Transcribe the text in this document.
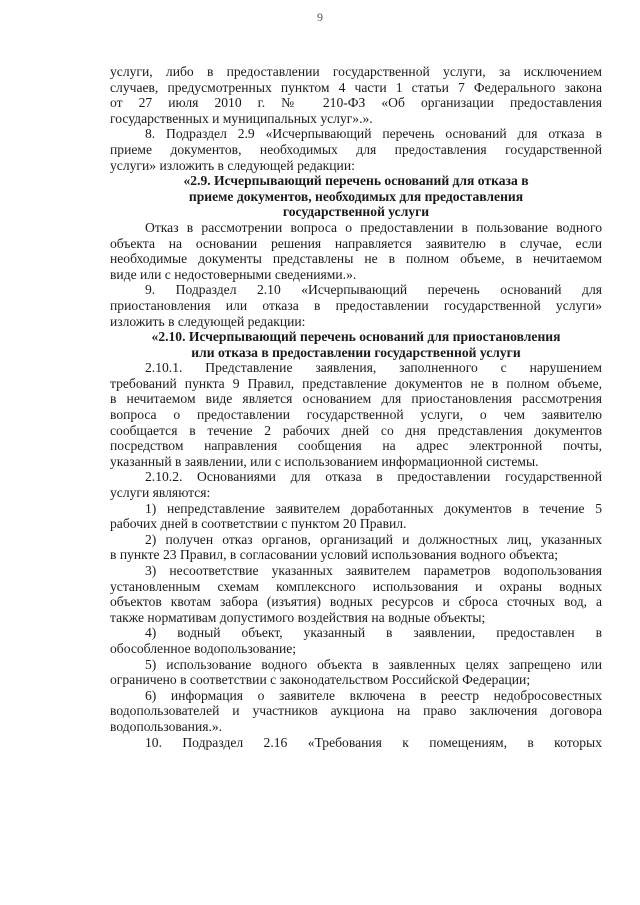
9

услуги, либо в предоставлении государственной услуги, за исключением

случаев, предусмотренных пунктом 4 части 1 статьи 7 Федерального закона

от 27 июля 2010 г. № 210-ФЗ «Об организации предоставления

государственных и муниципальных услуг».».

8. Подраздел 2.9 «Исчерпывающий перечень оснований для отказа в

приеме документов, необходимых для предоставления государственной

услуги» изложить в следующей редакции:

«2.9. Исчерпывающий перечень оснований для отказа в

приеме документов, необходимых для предоставления

государственной услуги

Отказ в рассмотрении вопроса о предоставлении в пользование водного

объекта на основании решения направляется заявителю в случае, если

необходимые документы представлены не в полном объеме, в нечитаемом

виде или с недостоверными сведениями.».

9. Подраздел 2.10 «Исчерпывающий перечень оснований для

приостановления или отказа в предоставлении государственной услуги»

изложить в следующей редакции:

«2.10. Исчерпывающий перечень оснований для приостановления

или отказа в предоставлении государственной услуги

2.10.1. Представление заявления, заполненного с нарушением

требований пункта 9 Правил, представление документов не в полном объеме,

в нечитаемом виде является основанием для приостановления рассмотрения

вопроса о предоставлении государственной услуги, о чем заявителю

сообщается в течение 2 рабочих дней со дня представления документов

посредством направления сообщения на адрес электронной почты,

указанный в заявлении, или с использованием информационной системы.

2.10.2. Основаниями для отказа в предоставлении государственной

услуги являются:

1) непредставление заявителем доработанных документов в течение 5

рабочих дней в соответствии с пунктом 20 Правил.

2) получен отказ органов, организаций и должностных лиц, указанных

в пункте 23 Правил, в согласовании условий использования водного объекта;

3) несоответствие указанных заявителем параметров водопользования

установленным схемам комплексного использования и охраны водных

объектов квотам забора (изъятия) водных ресурсов и сброса сточных вод, а

также нормативам допустимого воздействия на водные объекты;

4) водный объект, указанный в заявлении, предоставлен в

обособленное водопользование;

5) использование водного объекта в заявленных целях запрещено или

ограничено в соответствии с законодательством Российской Федерации;

6) информация о заявителе включена в реестр недобросовестных

водопользователей и участников аукциона на право заключения договора

водопользования.».

10. Подраздел 2.16 «Требования к помещениям, в которых
